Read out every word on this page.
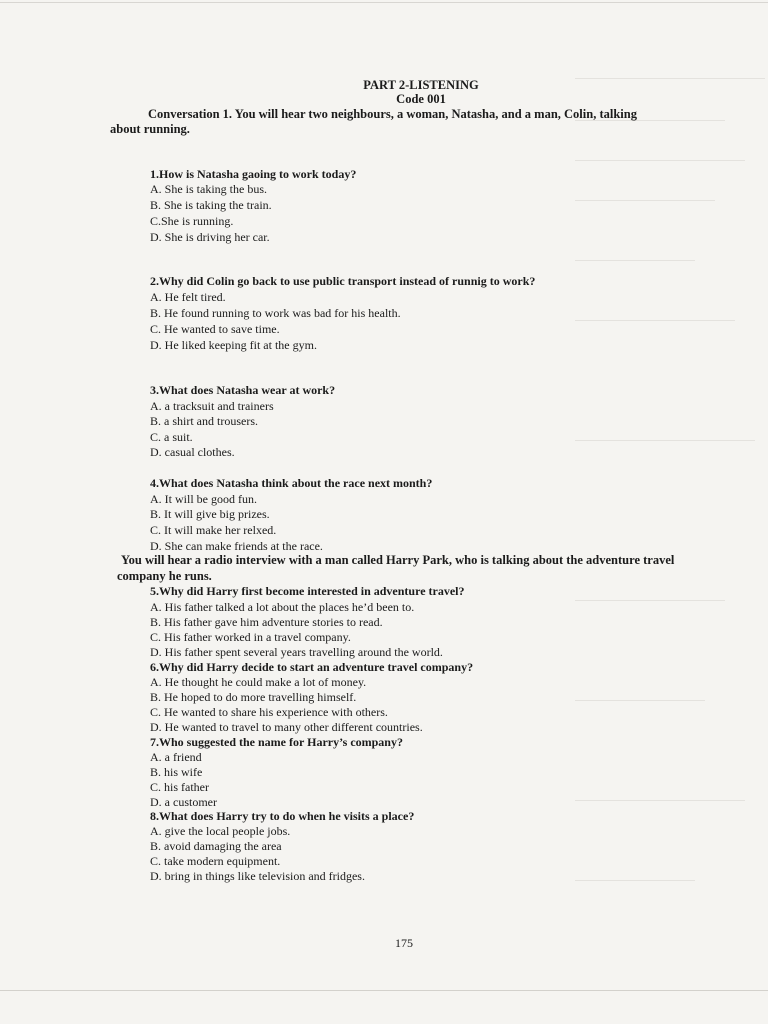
PART 2-LISTENING
Code 001
Conversation 1. You will hear two neighbours, a woman, Natasha, and a man, Colin, talking
about running.
1.How is Natasha gaoing to work today?
A. She is taking the bus.
B. She is taking the train.
C.She is running.
D. She is driving her car.
2.Why did Colin go back to use public transport instead of runnig to work?
A. He felt tired.
B. He found running to work was bad for his health.
C. He wanted to save time.
D. He liked keeping fit at the gym.
3.What does Natasha wear at work?
A. a tracksuit and trainers
B. a shirt and trousers.
C. a suit.
D. casual clothes.
4.What does Natasha think about the race next month?
A. It will be good fun.
B. It will give big prizes.
C. It will make her relxed.
D. She can make friends at the race.
You will hear a radio interview with a man called Harry Park, who is talking about the adventure travel
company he runs.
5.Why did Harry first become interested in adventure travel?
A. His father talked a lot about the places he’d been to.
B. His father gave him adventure stories to read.
C. His father worked in a travel company.
D. His father spent several years travelling around the world.
6.Why did Harry decide to start an adventure travel company?
A. He thought he could make a lot of money.
B. He hoped to do more travelling himself.
C. He wanted to share his experience with others.
D. He wanted to travel to many other different countries.
7.Who suggested the name for Harry’s company?
A. a friend
B. his wife
C. his father
D. a customer
8.What does Harry try to do when he visits a place?
A. give the local people jobs.
B. avoid damaging the area
C. take modern equipment.
D. bring in things like television and fridges.
175
